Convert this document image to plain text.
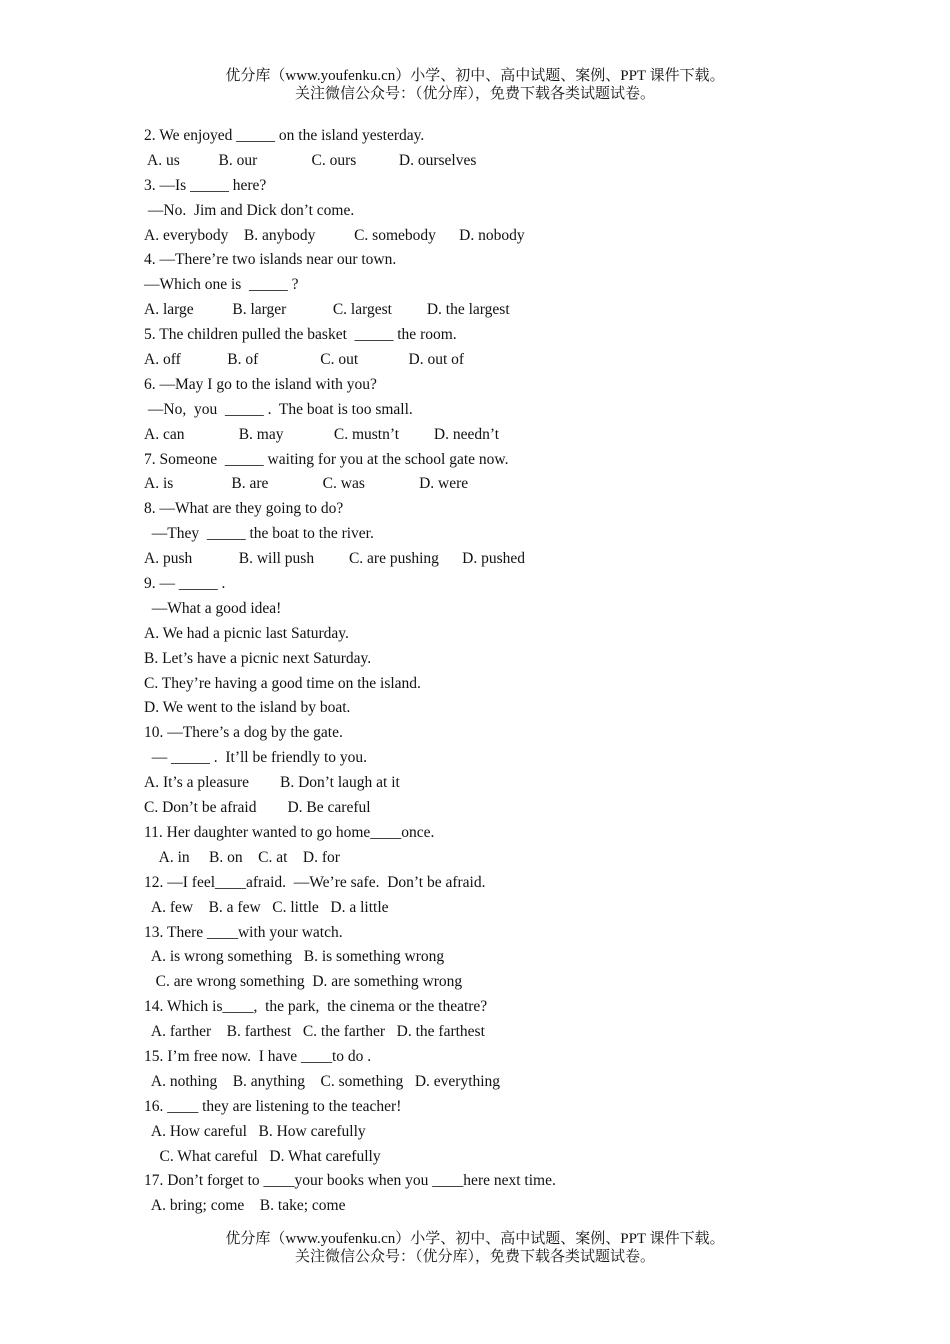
优分库（www.youfenku.cn）小学、初中、高中试题、案例、PPT 课件下载。
关注微信公众号：（优分库），免费下载各类试题试卷。
2. We enjoyed _____ on the island yesterday.
A. us          B. our              C. ours           D. ourselves
3. —Is _____ here?
—No.  Jim and Dick don’t come.
A. everybody    B. anybody          C. somebody      D. nobody
4. —There’re two islands near our town.
—Which one is  _____ ?
A. large          B. larger            C. largest         D. the largest
5. The children pulled the basket  _____ the room.
A. off            B. of                C. out             D. out of
6. —May I go to the island with you?
—No,  you  _____ .  The boat is too small.
A. can              B. may             C. mustn’t         D. needn’t
7. Someone  _____ waiting for you at the school gate now.
A. is               B. are              C. was              D. were
8. —What are they going to do?
—They  _____ the boat to the river.
A. push            B. will push         C. are pushing      D. pushed
9. — _____ .
—What a good idea!
A. We had a picnic last Saturday.
B. Let’s have a picnic next Saturday.
C. They’re having a good time on the island.
D. We went to the island by boat.
10. —There’s a dog by the gate.
— _____ .  It’ll be friendly to you.
A. It’s a pleasure        B. Don’t laugh at it
C. Don’t be afraid        D. Be careful
11. Her daughter wanted to go home____once.
A. in     B. on    C. at    D. for
12. —I feel____afraid.  —We’re safe.  Don’t be afraid.
A. few    B. a few   C. little   D. a little
13. There ____with your watch.
A. is wrong something   B. is something wrong
C. are wrong something  D. are something wrong
14. Which is____,  the park,  the cinema or the theatre?
A. farther    B. farthest   C. the farther   D. the farthest
15. I’m free now.  I have ____to do .
A. nothing    B. anything    C. something   D. everything
16. ____ they are listening to the teacher!
A. How careful   B. How carefully
C. What careful   D. What carefully
17. Don’t forget to ____your books when you ____here next time.
A. bring; come    B. take; come
优分库（www.youfenku.cn）小学、初中、高中试题、案例、PPT 课件下载。
关注微信公众号：（优分库），免费下载各类试题试卷。
